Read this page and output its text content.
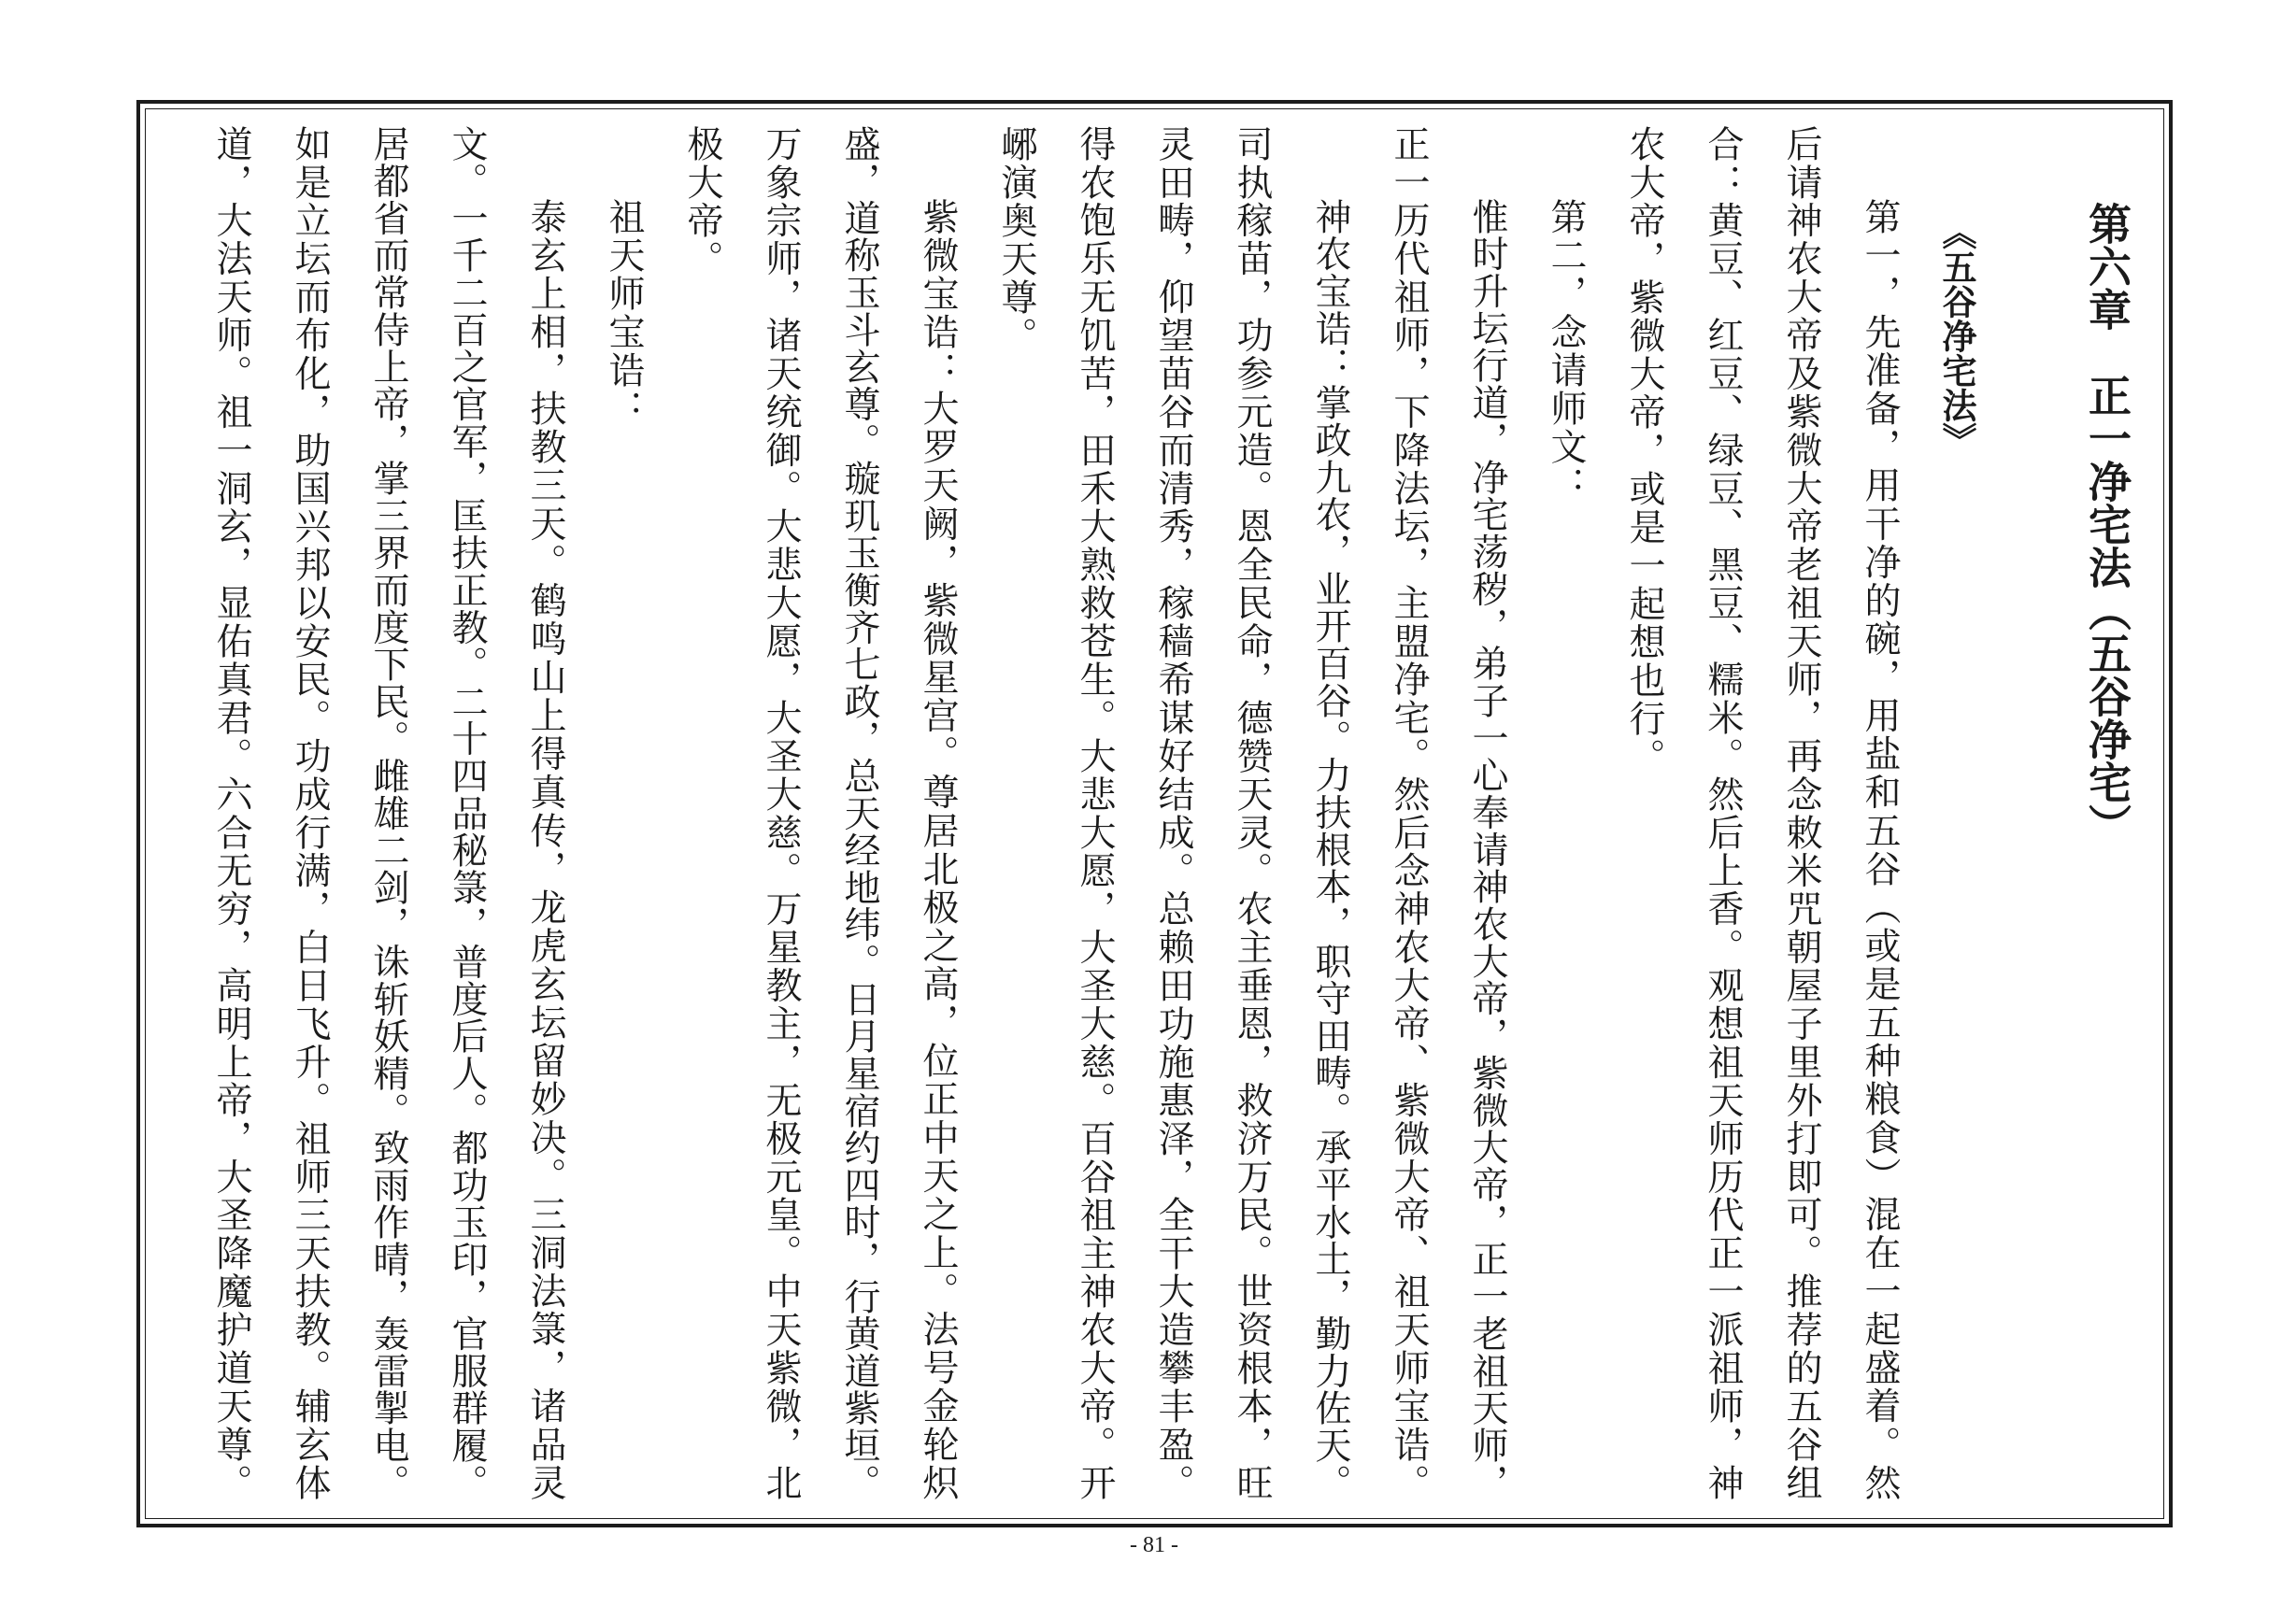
第六章　正一净宅法（五谷净宅）
《五谷净宅法》
第一，先准备，用干净的碗，用盐和五谷（或是五种粮食）混在一起盛着。然
后请神农大帝及紫微大帝老祖天师，再念敕米咒朝屋子里外打即可。推荐的五谷组
合：黄豆、红豆、绿豆、黑豆、糯米。然后上香。观想祖天师历代正一派祖师，神
农大帝，紫微大帝，或是一起想也行。
第二，念请师文：
惟时升坛行道，净宅荡秽，弟子一心奉请神农大帝，紫微大帝，正一老祖天师，
正一历代祖师，下降法坛，主盟净宅。然后念神农大帝、紫微大帝、祖天师宝诰。
神农宝诰：掌政九农，业开百谷。力扶根本，职守田畴。承平水土，勤力佐天。
司执稼苗，功参元造。恩全民命，德赞天灵。农主垂恩，救济万民。世资根本，旺
灵田畴，仰望苗谷而清秀，稼穑希谋好结成。总赖田功施惠泽，全干大造攀丰盈。
得农饱乐无饥苦，田禾大熟救苍生。大悲大愿，大圣大慈。百谷祖主神农大帝。开
峫演奥天尊。
紫微宝诰：大罗天阙，紫微星宫。尊居北极之高，位正中天之上。法号金轮炽
盛，道称玉斗玄尊。璇玑玉衡齐七政，总天经地纬。日月星宿约四时，行黄道紫垣。
万象宗师，诸天统御。大悲大愿，大圣大慈。万星教主，无极元皇。中天紫微，北
极大帝。
祖天师宝诰：
泰玄上相，扶教三天。鹤鸣山上得真传，龙虎玄坛留妙决。三洞法箓，诸品灵
文。一千二百之官军，匡扶正教。二十四品秘箓，普度后人。都功玉印，官服群履。
居都省而常侍上帝，掌三界而度下民。雌雄二剑，诛斩妖精。致雨作晴，轰雷掣电。
如是立坛而布化，助国兴邦以安民。功成行满，白日飞升。祖师三天扶教。辅玄体
道，大法天师。祖一洞玄，显佑真君。六合无穷，高明上帝，大圣降魔护道天尊。
- 81 -
